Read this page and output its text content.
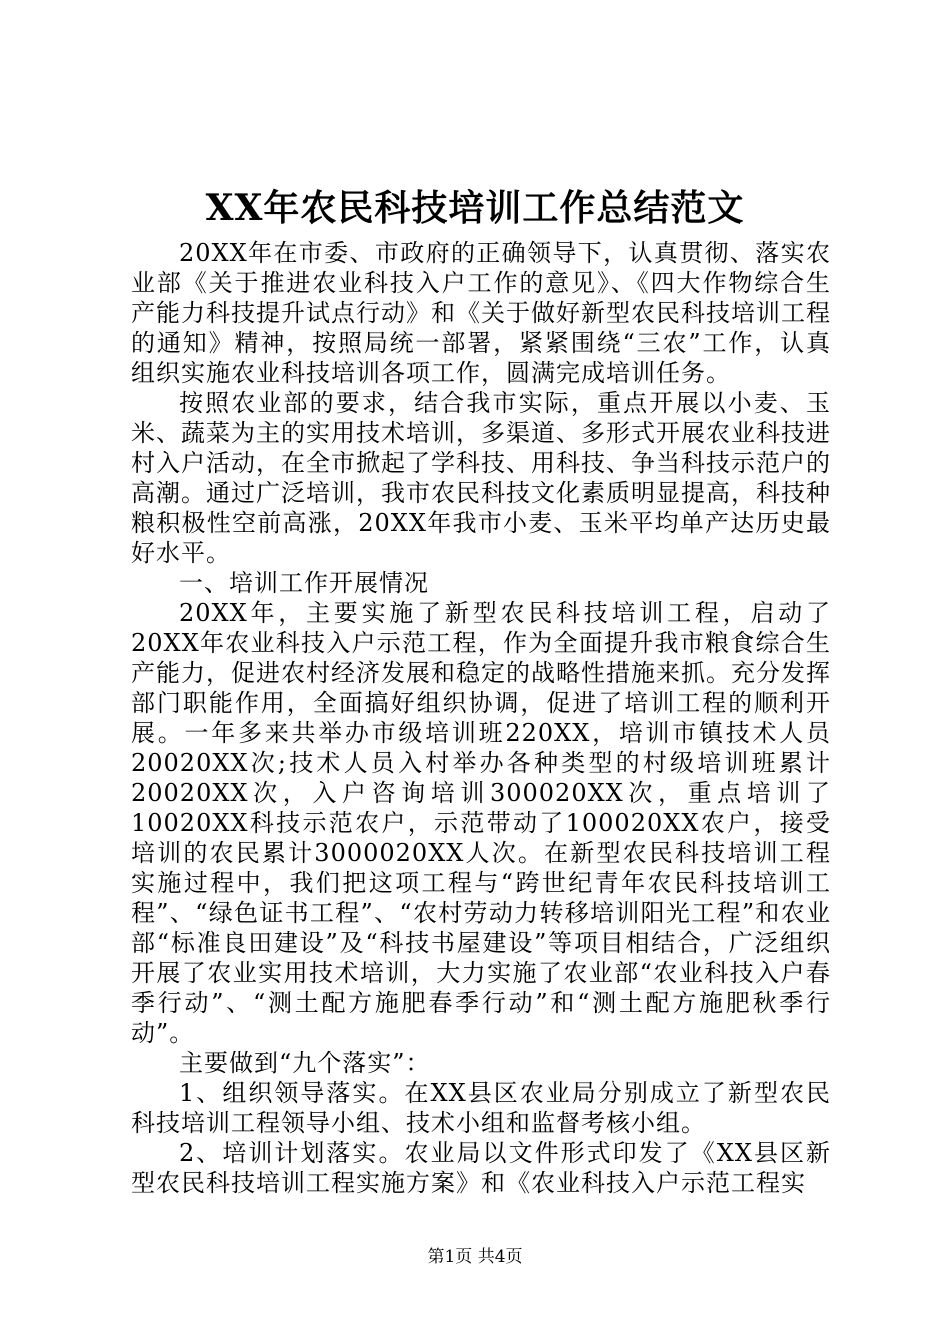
XX年农民科技培训工作总结范文

20XX年在市委、市政府的正确领导下，认真贯彻、落实农业部《关于推进农业科技入户工作的意见》、《四大作物综合生产能力科技提升试点行动》和《关于做好新型农民科技培训工程的通知》精神，按照局统一部署，紧紧围绕“三农”工作，认真组织实施农业科技培训各项工作，圆满完成培训任务。

按照农业部的要求，结合我市实际，重点开展以小麦、玉米、蔬菜为主的实用技术培训，多渠道、多形式开展农业科技进村入户活动，在全市掀起了学科技、用科技、争当科技示范户的高潮。通过广泛培训，我市农民科技文化素质明显提高，科技种粮积极性空前高涨，20XX年我市小麦、玉米平均单产达历史最好水平。

一、培训工作开展情况

20XX年，主要实施了新型农民科技培训工程，启动了20XX年农业科技入户示范工程，作为全面提升我市粮食综合生产能力，促进农村经济发展和稳定的战略性措施来抓。充分发挥部门职能作用，全面搞好组织协调，促进了培训工程的顺利开展。一年多来共举办市级培训班220XX，培训市镇技术人员20020XX次;技术人员入村举办各种类型的村级培训班累计20020XX次，入户咨询培训300020XX次，重点培训了10020XX科技示范农户，示范带动了100020XX农户，接受培训的农民累计3000020XX人次。在新型农民科技培训工程实施过程中，我们把这项工程与“跨世纪青年农民科技培训工程”、“绿色证书工程”、“农村劳动力转移培训阳光工程”和农业部“标准良田建设”及“科技书屋建设”等项目相结合，广泛组织开展了农业实用技术培训，大力实施了农业部“农业科技入户春季行动”、“测土配方施肥春季行动”和“测土配方施肥秋季行动”。

主要做到“九个落实”：

1、组织领导落实。在XX县区农业局分别成立了新型农民科技培训工程领导小组、技术小组和监督考核小组。

2、培训计划落实。农业局以文件形式印发了《XX县区新型农民科技培训工程实施方案》和《农业科技入户示范工程实

第1页 共4页
